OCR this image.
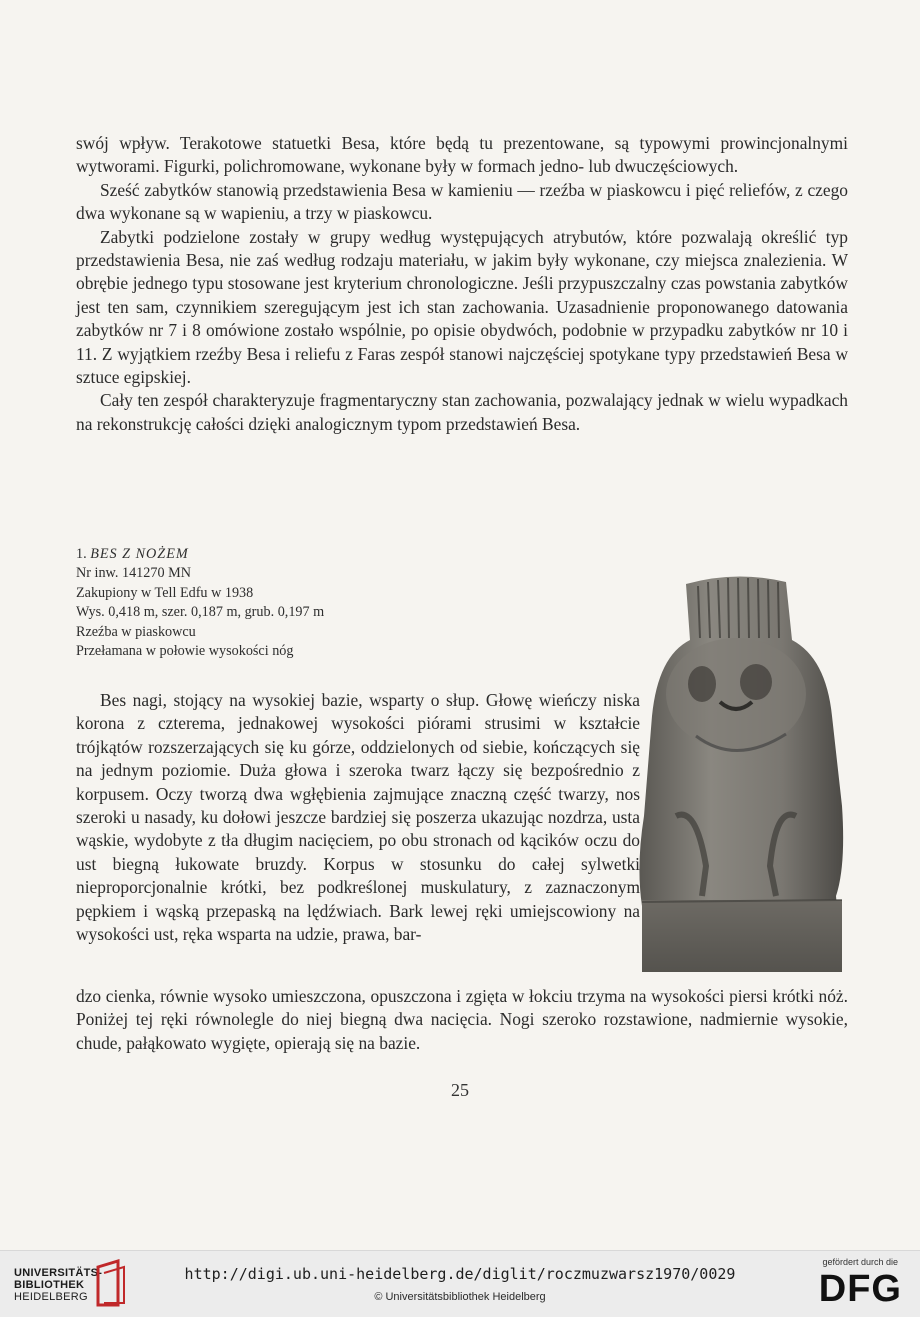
swój wpływ. Terakotowe statuetki Besa, które będą tu prezentowane, są typowymi prowincjonalnymi wytworami. Figurki, polichromowane, wykonane były w formach jedno- lub dwuczęściowych.

Sześć zabytków stanowią przedstawienia Besa w kamieniu — rzeźba w piaskowcu i pięć reliefów, z czego dwa wykonane są w wapieniu, a trzy w piaskowcu.

Zabytki podzielone zostały w grupy według występujących atrybutów, które pozwalają określić typ przedstawienia Besa, nie zaś według rodzaju materiału, w jakim były wykonane, czy miejsca znalezienia. W obrębie jednego typu stosowane jest kryterium chronologiczne. Jeśli przypuszczalny czas powstania zabytków jest ten sam, czynnikiem szeregującym jest ich stan zachowania. Uzasadnienie proponowanego datowania zabytków nr 7 i 8 omówione zostało wspólnie, po opisie obydwóch, podobnie w przypadku zabytków nr 10 i 11. Z wyjątkiem rzeźby Besa i reliefu z Faras zespół stanowi najczęściej spotykane typy przedstawień Besa w sztuce egipskiej.

Cały ten zespół charakteryzuje fragmentaryczny stan zachowania, pozwalający jednak w wielu wypadkach na rekonstrukcję całości dzięki analogicznym typom przedstawień Besa.

1. BES Z NOŻEM
Nr inw. 141270 MN
Zakupiony w Tell Edfu w 1938
Wys. 0,418 m, szer. 0,187 m, grub. 0,197 m
Rzeźba w piaskowcu
Przełamana w połowie wysokości nóg

Bes nagi, stojący na wysokiej bazie, wsparty o słup. Głowę wieńczy niska korona z czterema, jednakowej wysokości piórami strusimi w kształcie trójkątów rozszerzających się ku górze, oddzielonych od siebie, kończących się na jednym poziomie. Duża głowa i szeroka twarz łączy się bezpośrednio z korpusem. Oczy tworzą dwa wgłębienia zajmujące znaczną część twarzy, nos szeroki u nasady, ku dołowi jeszcze bardziej się poszerza ukazując nozdrza, usta wąskie, wydobyte z tła długim nacięciem, po obu stronach od kącików oczu do ust biegną łukowate bruzdy. Korpus w stosunku do całej sylwetki nieproporcjonalnie krótki, bez podkreślonej muskulatury, z zaznaczonym pępkiem i wąską przepaską na lędźwiach. Bark lewej ręki umiejscowiony na wysokości ust, ręka wsparta na udzie, prawa, bar-

dzo cienka, równie wysoko umieszczona, opuszczona i zgięta w łokciu trzyma na wysokości piersi krótki nóż. Poniżej tej ręki równolegle do niej biegną dwa nacięcia. Nogi szeroko rozstawione, nadmiernie wysokie, chude, pałąkowato wygięte, opierają się na bazie.
25
UNIVERSITÄTS-
BIBLIOTHEK
HEIDELBERG
http://digi.ub.uni-heidelberg.de/diglit/roczmuzwarsz1970/0029
© Universitätsbibliothek Heidelberg
gefördert durch die
DFG
